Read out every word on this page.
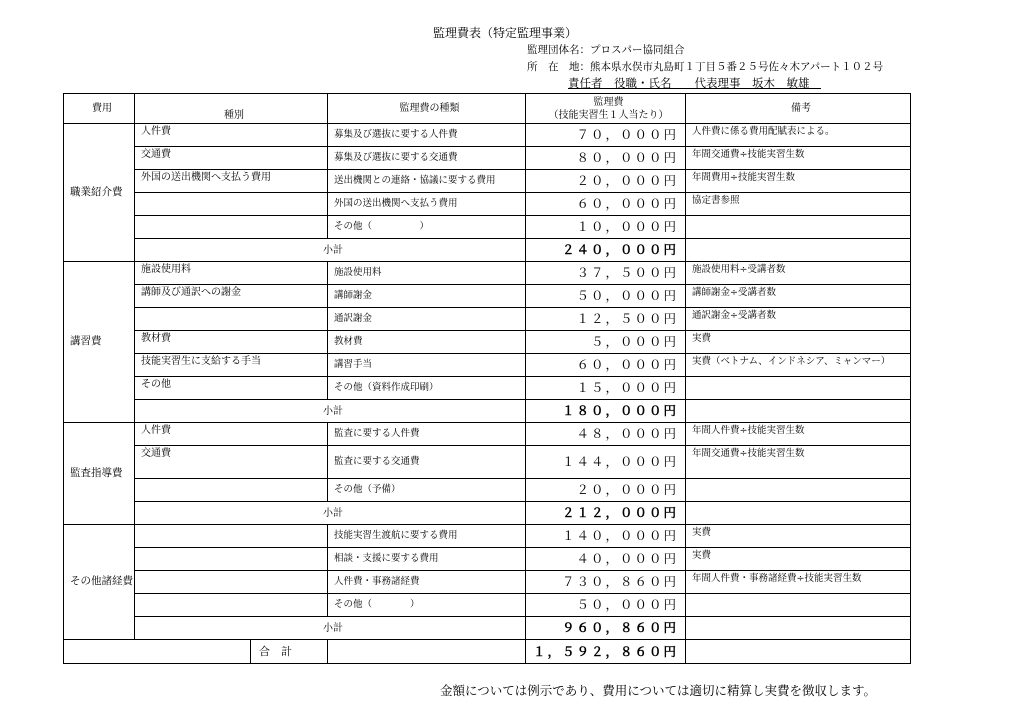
監理費表（特定監理事業）
監理団体名：プロスパー協同組合
所　在　地：熊本県水俣市丸島町１丁目５番２５号佐々木アパート１０２号
責任者　役職・氏名　　代表理事　坂木　敏雄　
費用	種別	監理費の種類	監理費
（技能実習生１人当たり）	備考
職業紹介費	人件費	募集及び選抜に要する人件費	７０，０００円	人件費に係る費用配賦表による。
	交通費	募集及び選抜に要する交通費	８０，０００円	年間交通費÷技能実習生数
	外国の送出機関へ支払う費用	送出機関との連絡・協議に要する費用	２０，０００円	年間費用÷技能実習生数
		外国の送出機関へ支払う費用	６０，０００円	協定書参照
		その他（　　　　　）	１０，０００円	
	小計		２４０，０００円	
講習費	施設使用料	施設使用料	３７，５００円	施設使用料÷受講者数
	講師及び通訳への謝金	講師謝金	５０，０００円	講師謝金÷受講者数
		通訳謝金	１２，５００円	通訳謝金÷受講者数
	教材費	教材費	５，０００円	実費
	技能実習生に支給する手当	講習手当	６０，０００円	実費（ベトナム、インドネシア、ミャンマー）
	その他	その他（資料作成印刷）	１５，０００円	
	小計		１８０，０００円	
監査指導費	人件費	監査に要する人件費	４８，０００円	年間人件費÷技能実習生数
	交通費	監査に要する交通費	１４４，０００円	年間交通費÷技能実習生数
		その他（予備）	２０，０００円	
	小計		２１２，０００円	
その他諸経費		技能実習生渡航に要する費用	１４０，０００円	実費
		相談・支援に要する費用	４０，０００円	実費
		人件費・事務諸経費	７３０，８６０円	年間人件費・事務諸経費÷技能実習生数
		その他（　　　　）	５０，０００円	
	小計		９６０，８６０円	

合　計			１，５９２，８６０円	
金額については例示であり、費用については適切に精算し実費を徴収します。
